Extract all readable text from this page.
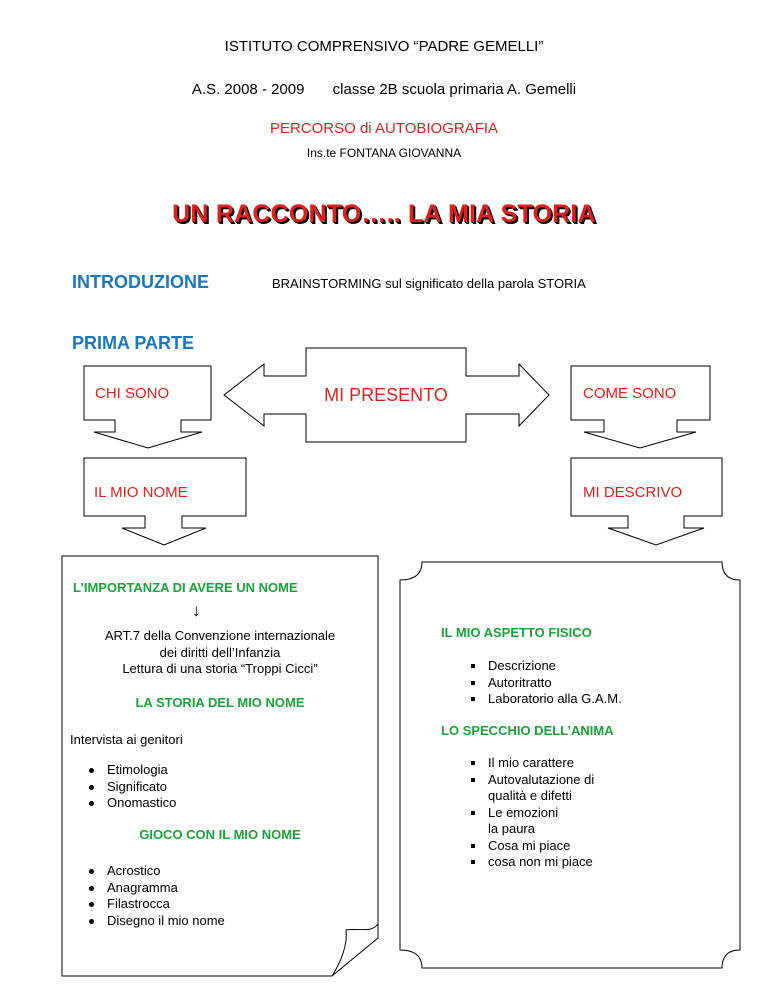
ISTITUTO COMPRENSIVO “PADRE GEMELLI”
A.S. 2008 - 2009 classe 2B scuola primaria A. Gemelli
PERCORSO di AUTOBIOGRAFIA
Ins.te FONTANA GIOVANNA
UN RACCONTO….. LA MIA STORIA
INTRODUZIONE	BRAINSTORMING sul significato della parola STORIA
PRIMA PARTE
CHI SONO
IL MIO NOME
MI PRESENTO	COME SONO
MI DESCRIVO
L’IMPORTANZA DI AVERE UN NOME
↓
ART.7 della Convenzione internazionale
dei diritti dell’Infanzia
Lettura di una storia “Troppi Cicci”
LA STORIA DEL MIO NOME
Intervista ai genitori
Etimologia
Significato
Onomastico
GIOCO CON IL MIO NOME
Acrostico
Anagramma
Filastrocca
Disegno il mio nome
IL MIO ASPETTO FISICO
Descrizione
Autoritratto
Laboratorio alla G.A.M.
LO SPECCHIO DELL’ANIMA
Il mio carattere
Autovalutazione di
qualità e difetti
Le emozioni
la paura
Cosa mi piace
cosa non mi piace
